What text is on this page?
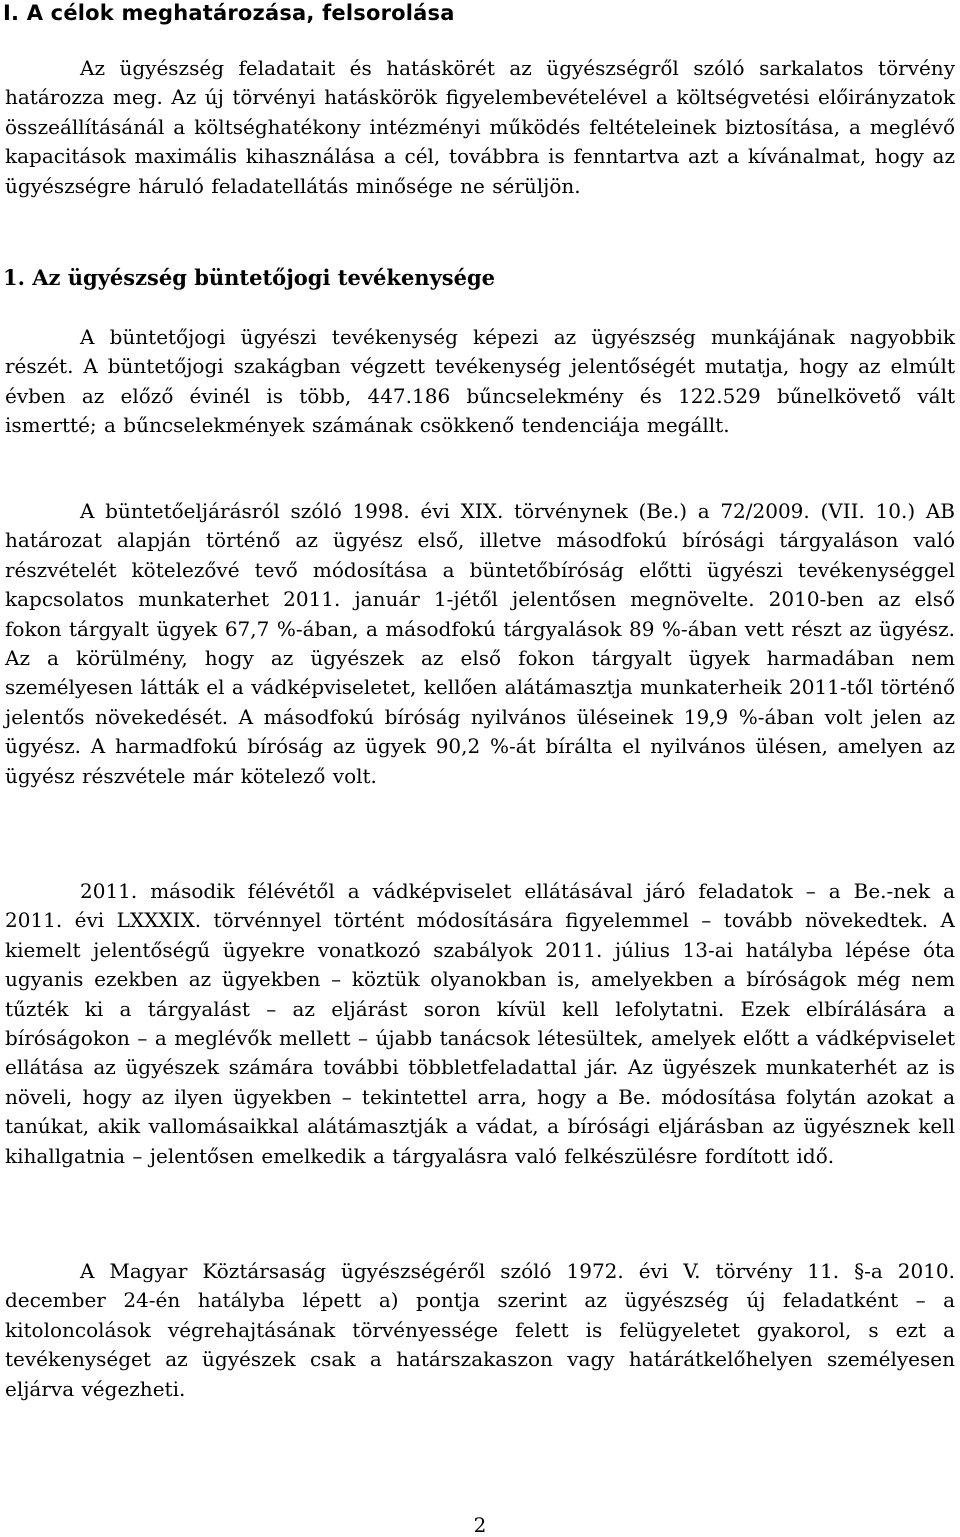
I. A célok meghatározása, felsorolása
Az ügyészség feladatait és hatáskörét az ügyészségről szóló sarkalatos törvény határozza meg. Az új törvényi hatáskörök figyelembevételével a költségvetési előirányzatok összeállításánál a költséghatékony intézményi működés feltételeinek biztosítása, a meglévő kapacitások maximális kihasználása a cél, továbbra is fenntartva azt a kívánalmat, hogy az ügyészségre háruló feladatellátás minősége ne sérüljön.
1. Az ügyészség büntetőjogi tevékenysége
A büntetőjogi ügyészi tevékenység képezi az ügyészség munkájának nagyobbik részét. A büntetőjogi szakágban végzett tevékenység jelentőségét mutatja, hogy az elmúlt évben az előző évinél is több, 447.186 bűncselekmény és 122.529 bűnelkövető vált ismertté; a bűncselekmények számának csökkenő tendenciája megállt.
A büntetőeljárásról szóló 1998. évi XIX. törvénynek (Be.) a 72/2009. (VII. 10.) AB határozat alapján történő az ügyész első, illetve másodfokú bírósági tárgyaláson való részvételét kötelezővé tevő módosítása a büntetőbíróság előtti ügyészi tevékenységgel kapcsolatos munkaterhet 2011. január 1-jétől jelentősen megnövelte. 2010-ben az első fokon tárgyalt ügyek 67,7 %-ában, a másodfokú tárgyalások 89 %-ában vett részt az ügyész. Az a körülmény, hogy az ügyészek az első fokon tárgyalt ügyek harmadában nem személyesen látták el a vádképviseletet, kellően alátámasztja munkaterheik 2011-től történő jelentős növekedését. A másodfokú bíróság nyilvános üléseinek 19,9 %-ában volt jelen az ügyész. A harmadfokú bíróság az ügyek 90,2 %-át bírálta el nyilvános ülésen, amelyen az ügyész részvétele már kötelező volt.
2011. második félévétől a vádképviselet ellátásával járó feladatok – a Be.-nek a 2011. évi LXXXIX. törvénnyel történt módosítására figyelemmel – tovább növekedtek. A kiemelt jelentőségű ügyekre vonatkozó szabályok 2011. július 13-ai hatályba lépése óta ugyanis ezekben az ügyekben – köztük olyanokban is, amelyekben a bíróságok még nem tűzték ki a tárgyalást – az eljárást soron kívül kell lefolytatni. Ezek elbírálására a bíróságokon – a meglévők mellett – újabb tanácsok létesültek, amelyek előtt a vádképviselet ellátása az ügyészek számára további többletfeladattal jár. Az ügyészek munkaterhét az is növeli, hogy az ilyen ügyekben – tekintettel arra, hogy a Be. módosítása folytán azokat a tanúkat, akik vallomásaikkal alátámasztják a vádat, a bírósági eljárásban az ügyésznek kell kihallgatnia – jelentősen emelkedik a tárgyalásra való felkészülésre fordított idő.
A Magyar Köztársaság ügyészségéről szóló 1972. évi V. törvény 11. §-a 2010. december 24-én hatályba lépett a) pontja szerint az ügyészség új feladatként – a kitoloncolások végrehajtásának törvényessége felett is felügyeletet gyakorol, s ezt a tevékenységet az ügyészek csak a határszakaszon vagy határátkelőhelyen személyesen eljárva végezheti.
2
